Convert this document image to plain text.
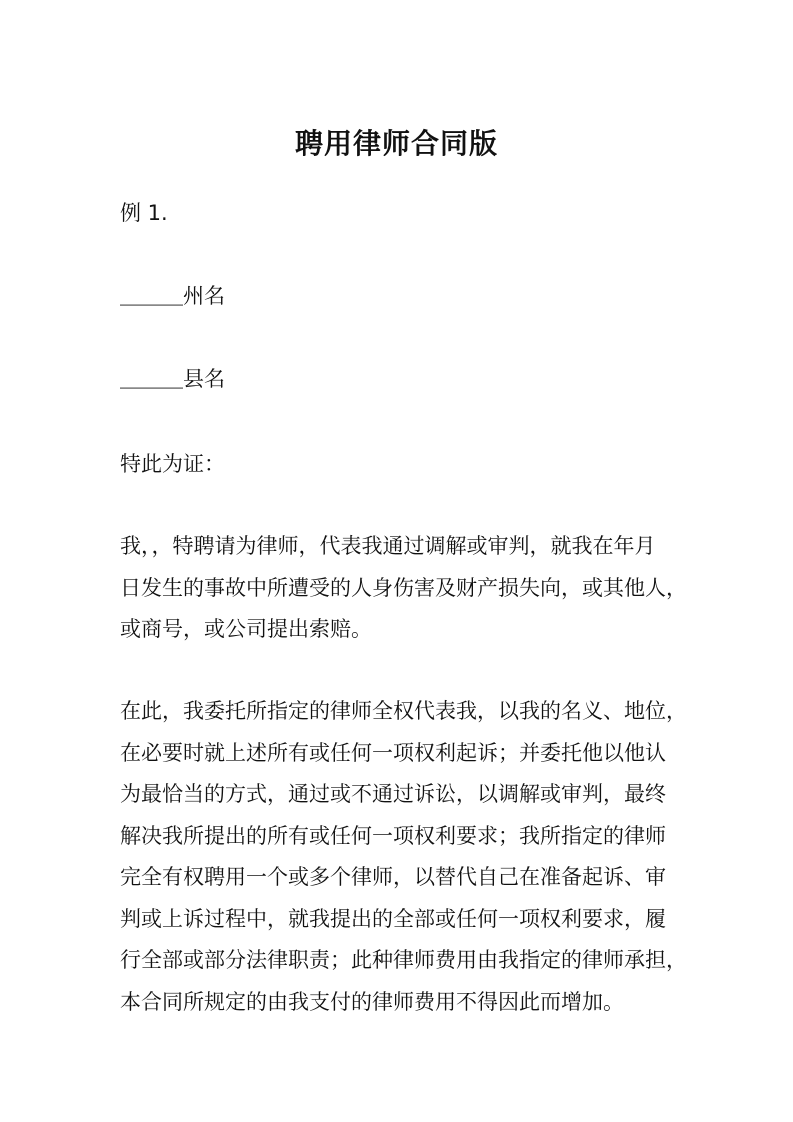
聘用律师合同版
例 1.
＿＿＿州名
＿＿＿县名
特此为证：
我，，特聘请为律师，代表我通过调解或审判，就我在年月
日发生的事故中所遭受的人身伤害及财产损失向，或其他人，
或商号，或公司提出索赔。
在此，我委托所指定的律师全权代表我，以我的名义、地位，
在必要时就上述所有或任何一项权利起诉；并委托他以他认
为最恰当的方式，通过或不通过诉讼，以调解或审判，最终
解决我所提出的所有或任何一项权利要求；我所指定的律师
完全有权聘用一个或多个律师，以替代自己在准备起诉、审
判或上诉过程中，就我提出的全部或任何一项权利要求，履
行全部或部分法律职责；此种律师费用由我指定的律师承担，
本合同所规定的由我支付的律师费用不得因此而增加。
